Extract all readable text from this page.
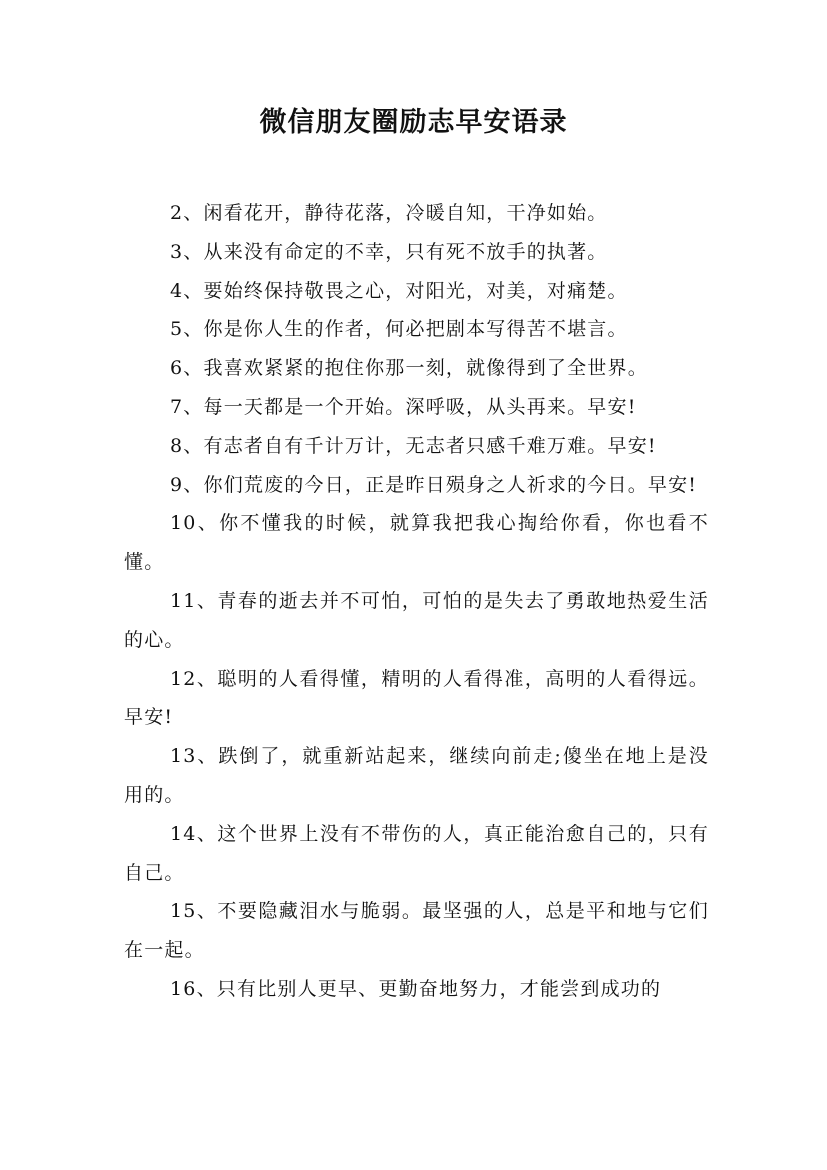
微信朋友圈励志早安语录

2、闲看花开，静待花落，冷暖自知，干净如始。

3、从来没有命定的不幸，只有死不放手的执著。

4、要始终保持敬畏之心，对阳光，对美，对痛楚。

5、你是你人生的作者，何必把剧本写得苦不堪言。

6、我喜欢紧紧的抱住你那一刻，就像得到了全世界。

7、每一天都是一个开始。深呼吸，从头再来。早安!

8、有志者自有千计万计，无志者只感千难万难。早安!

9、你们荒废的今日，正是昨日殒身之人祈求的今日。早安!

10、你不懂我的时候，就算我把我心掏给你看，你也看不懂。

11、青春的逝去并不可怕，可怕的是失去了勇敢地热爱生活的心。

12、聪明的人看得懂，精明的人看得准，高明的人看得远。早安!

13、跌倒了，就重新站起来，继续向前走;傻坐在地上是没用的。

14、这个世界上没有不带伤的人，真正能治愈自己的，只有自己。

15、不要隐藏泪水与脆弱。最坚强的人，总是平和地与它们在一起。

16、只有比别人更早、更勤奋地努力，才能尝到成功的
